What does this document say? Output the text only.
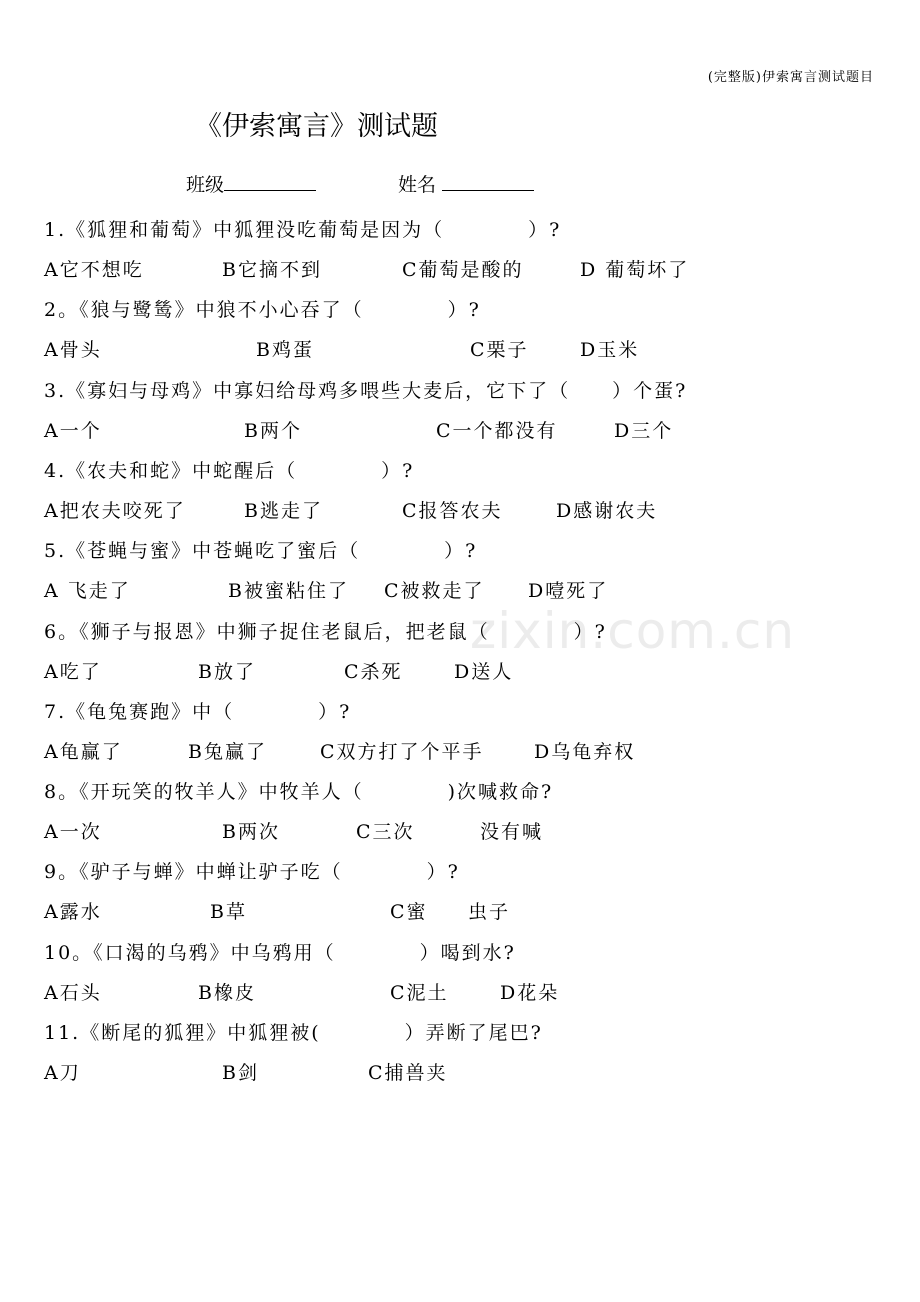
(完整版)伊索寓言测试题目
《伊索寓言》测试题
班级	姓名
zixin.com.cn
1.《狐狸和葡萄》中狐狸没吃葡萄是因为（　　　　）?
A它不想吃	B它摘不到	C葡萄是酸的	D 葡萄坏了
2。《狼与鹭鸶》中狼不小心吞了（　　　　）?
A骨头	B鸡蛋	C栗子	D玉米
3.《寡妇与母鸡》中寡妇给母鸡多喂些大麦后，它下了（　　）个蛋?
A一个	B两个	C一个都没有	D三个
4.《农夫和蛇》中蛇醒后（　　　　）?
A把农夫咬死了	B逃走了	C报答农夫	D感谢农夫
5.《苍蝇与蜜》中苍蝇吃了蜜后（　　　　）?
A 飞走了	B被蜜粘住了 C被救走了 D噎死了
6。《狮子与报恩》中狮子捉住老鼠后，把老鼠（　　　　）?
A吃了	B放了	C杀死	D送人
7.《龟兔赛跑》中（　　　　）?
A龟赢了	B兔赢了	C双方打了个平手	D乌龟弃权
8。《开玩笑的牧羊人》中牧羊人（　　　　)次喊救命?
A一次	B两次	C三次	没有喊
9。《驴子与蝉》中蝉让驴子吃（　　　　）?
A露水	B草	C蜜 虫子
10。《口渴的乌鸦》中乌鸦用（　　　　）喝到水?
A石头	B橡皮	C泥土	D花朵
11.《断尾的狐狸》中狐狸被(　　　　）弄断了尾巴?
A刀	B剑	C捕兽夹
